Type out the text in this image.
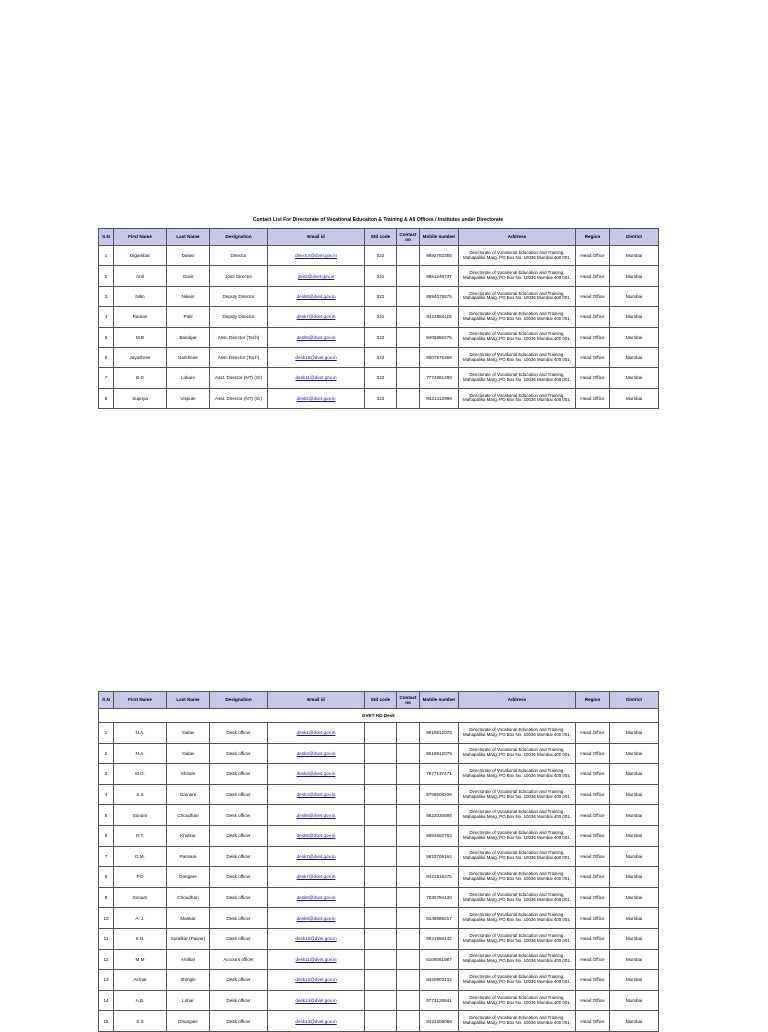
Contact List For Directorate of Vocational Education & Training & All Offices / Institutes under Directorate
S.N	First Name	Last Name	Designation	Email id	Std code	Contact no	Mobile number	Address	Region	District
1	Digambar	Dalavi	Director	director@dvet.gov.in	022		9892782355	Directorate of Vocational Education and Training, Mahapalika Marg, PO Box No. 10036 Mumbai 400 001.	Head Office	Mumbai
2	Anil	Gavit	Joint Director	jtdir2@dvet.gov.in	022		9881246737	Directorate of Vocational Education and Training, Mahapalika Marg, PO Box No. 10036 Mumbai 400 001.	Head Office	Mumbai
3	Nitin	Nikam	Deputy Director	desk8@dvet.gov.in	022		9594075575	Directorate of Vocational Education and Training, Mahapalika Marg, PO Box No. 10036 Mumbai 400 001.	Head Office	Mumbai
4	Raman	Patil	Deputy Director	desk7@dvet.gov.in	022		9422584115	Directorate of Vocational Education and Training, Mahapalika Marg, PO Box No. 10036 Mumbai 400 001.	Head Office	Mumbai
5	M.B	Bandgar	Asst. Director (Tech)	desk5@dvet.gov.in	022		9405956275	Directorate of Vocational Education and Training, Mahapalika Marg, PO Box No. 10036 Mumbai 400 001.	Head Office	Mumbai
6	Jayashree	Narkhede	Asst. Director (Tech)	desk16@dvet.gov.in	022		8007975368	Directorate of Vocational Education and Training, Mahapalika Marg, PO Box No. 10036 Mumbai 400 001.	Head Office	Mumbai
7	B.D	Lokare	Asst. Director (NT) (Sr)	desk11@dvet.gov.in	022		7774991290	Directorate of Vocational Education and Training, Mahapalika Marg, PO Box No. 10036 Mumbai 400 001.	Head Office	Mumbai
8	Supriya	Vispute	Asst. Director (NT) (Sr)	desk2@dvet.gov.in	022		9421413998	Directorate of Vocational Education and Training, Mahapalika Marg, PO Box No. 10036 Mumbai 400 001.	Head Office	Mumbai
S.N	First Name	Last Name	Designation	Email id	Std code	Contact no	Mobile number	Address	Region	District
DVET HO Desk										
1	N.A.	Yadav	Desk officer	desk1@dvet.gov.in			9619912078	Directorate of Vocational Education and Training, Mahapalika Marg, PO Box No. 10036 Mumbai 400 001.	Head Office	Mumbai
2	N.A.	Yadav	Desk officer	desk2@dvet.gov.in			9619912078	Directorate of Vocational Education and Training, Mahapalika Marg, PO Box No. 10036 Mumbai 400 001.	Head Office	Mumbai
3	M.D.	Shinde	Desk officer	desk3@dvet.gov.in			7977137471	Directorate of Vocational Education and Training, Mahapalika Marg, PO Box No. 10036 Mumbai 400 001.	Head Office	Mumbai
4	S.S	Gamare	Desk officer	desk4@dvet.gov.in			9769508206	Directorate of Vocational Education and Training, Mahapalika Marg, PO Box No. 10036 Mumbai 400 001.	Head Office	Mumbai
5	Sonam	Choudhari	Desk officer	desk5@dvet.gov.in			9822030898	Directorate of Vocational Education and Training, Mahapalika Marg, PO Box No. 10036 Mumbai 400 001.	Head Office	Mumbai
6	H.T.	Khutkar	Desk officer	desk6@dvet.gov.in			9082682783	Directorate of Vocational Education and Training, Mahapalika Marg, PO Box No. 10036 Mumbai 400 001.	Head Office	Mumbai
7	D.M.	Pansare	Desk officer	desk7@dvet.gov.in			9823709164	Directorate of Vocational Education and Training, Mahapalika Marg, PO Box No. 10036 Mumbai 400 001.	Head Office	Mumbai
8	P.D	Dongare	Desk officer	desk7@dvet.gov.in			9421916275	Directorate of Vocational Education and Training, Mahapalika Marg, PO Box No. 10036 Mumbai 400 001.	Head Office	Mumbai
9	Sonam	Choudhari	Desk officer	desk8@dvet.gov.in			7030784130	Directorate of Vocational Education and Training, Mahapalika Marg, PO Box No. 10036 Mumbai 400 001.	Head Office	Mumbai
10	A. J.	Mankar	Desk officer	desk9@dvet.gov.in			8149989217	Directorate of Vocational Education and Training, Mahapalika Marg, PO Box No. 10036 Mumbai 400 001.	Head Office	Mumbai
11	S.N.	Suralkar (Pawar)	Desk officer	desk10@dvet.gov.in			9921958142	Directorate of Vocational Education and Training, Mahapalika Marg, PO Box No. 10036 Mumbai 400 001.	Head Office	Mumbai
12	M.M	Arolkar	Account officer	desk11@dvet.gov.in			8108061987	Directorate of Vocational Education and Training, Mahapalika Marg, PO Box No. 10036 Mumbai 400 001.	Head Office	Mumbai
13	Asmat	Shingle	Desk officer	desk12@dvet.gov.in			9420903432	Directorate of Vocational Education and Training, Mahapalika Marg, PO Box No. 10036 Mumbai 400 001.	Head Office	Mumbai
14	A.B.	Lohar	Desk officer	desk13@dvet.gov.in			9773128841	Directorate of Vocational Education and Training, Mahapalika Marg, PO Box No. 10036 Mumbai 400 001.	Head Office	Mumbai
15	S.S	Dhangale	Desk officer	desk13@dvet.gov.in			9423208089	Directorate of Vocational Education and Training, Mahapalika Marg, PO Box No. 10036 Mumbai 400 001.	Head Office	Mumbai
